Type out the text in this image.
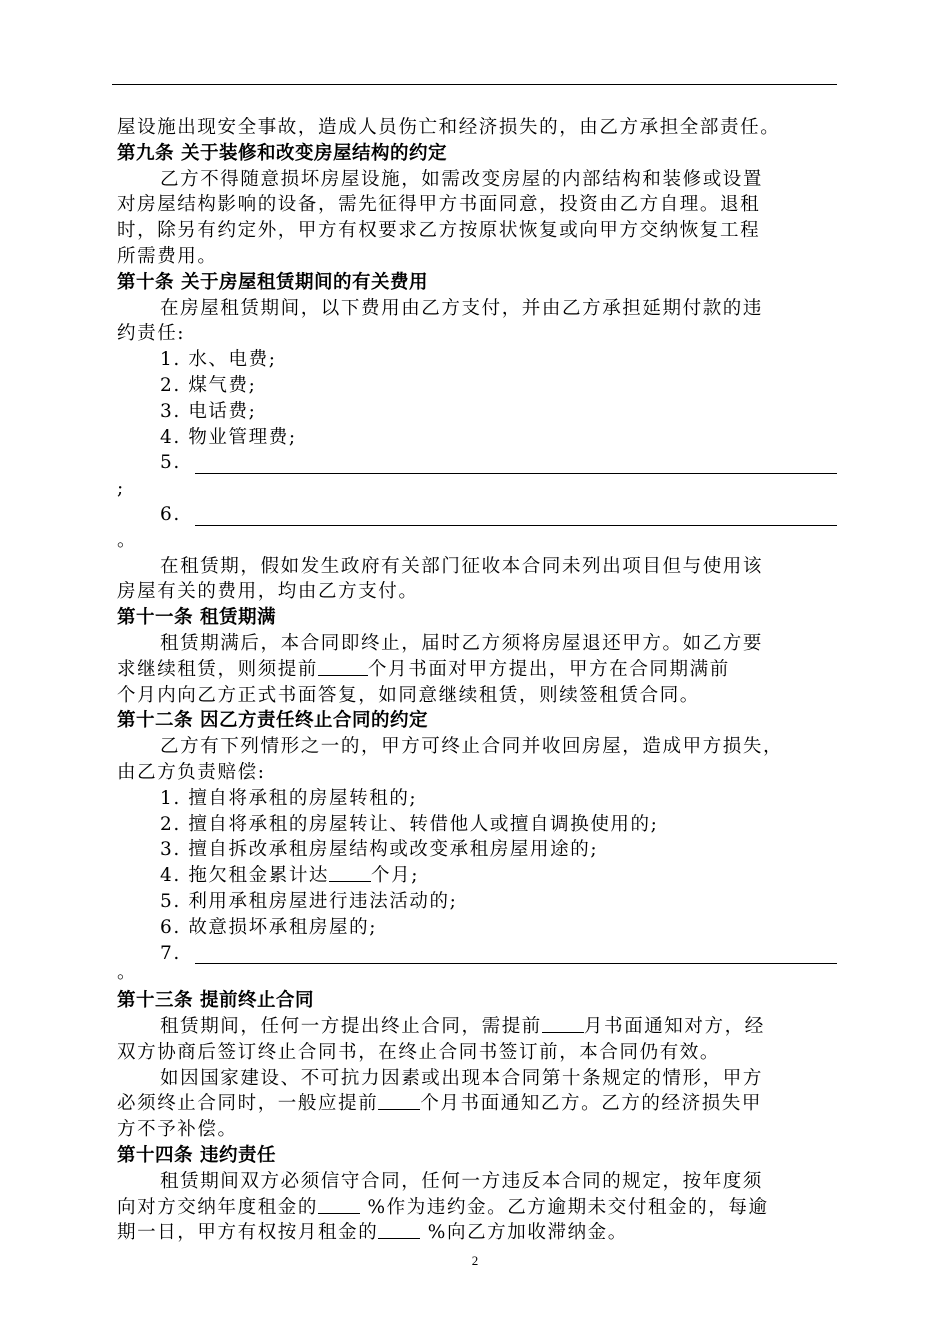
屋设施出现安全事故，造成人员伤亡和经济损失的，由乙方承担全部责任。
第九条 关于装修和改变房屋结构的约定
乙方不得随意损坏房屋设施，如需改变房屋的内部结构和装修或设置
对房屋结构影响的设备，需先征得甲方书面同意，投资由乙方自理。退租
时，除另有约定外，甲方有权要求乙方按原状恢复或向甲方交纳恢复工程
所需费用。
第十条 关于房屋租赁期间的有关费用
在房屋租赁期间，以下费用由乙方支付，并由乙方承担延期付款的违
约责任:
1. 水、电费;
2. 煤气费;
3. 电话费;
4. 物业管理费;
5.
;
6.
。
在租赁期，假如发生政府有关部门征收本合同未列出项目但与使用该
房屋有关的费用，均由乙方支付。
第十一条 租赁期满
租赁期满后，本合同即终止，届时乙方须将房屋退还甲方。如乙方要
求继续租赁，则须提前	个月书面对甲方提出，甲方在合同期满前
个月内向乙方正式书面答复，如同意继续租赁，则续签租赁合同。
第十二条 因乙方责任终止合同的约定
乙方有下列情形之一的，甲方可终止合同并收回房屋，造成甲方损失，
由乙方负责赔偿:
1. 擅自将承租的房屋转租的;
2. 擅自将承租的房屋转让、转借他人或擅自调换使用的;
3. 擅自拆改承租房屋结构或改变承租房屋用途的;
4. 拖欠租金累计达 个月;
5. 利用承租房屋进行违法活动的;
6. 故意损坏承租房屋的;
7.
。
第十三条 提前终止合同
租赁期间，任何一方提出终止合同，需提前 月书面通知对方，经
双方协商后签订终止合同书，在终止合同书签订前，本合同仍有效。
如因国家建设、不可抗力因素或出现本合同第十条规定的情形，甲方
必须终止合同时，一般应提前 个月书面通知乙方。乙方的经济损失甲
方不予补偿。
第十四条 违约责任
租赁期间双方必须信守合同，任何一方违反本合同的规定，按年度须
向对方交纳年度租金的 %作为违约金。乙方逾期未交付租金的，每逾
期一日，甲方有权按月租金的 %向乙方加收滞纳金。
2
